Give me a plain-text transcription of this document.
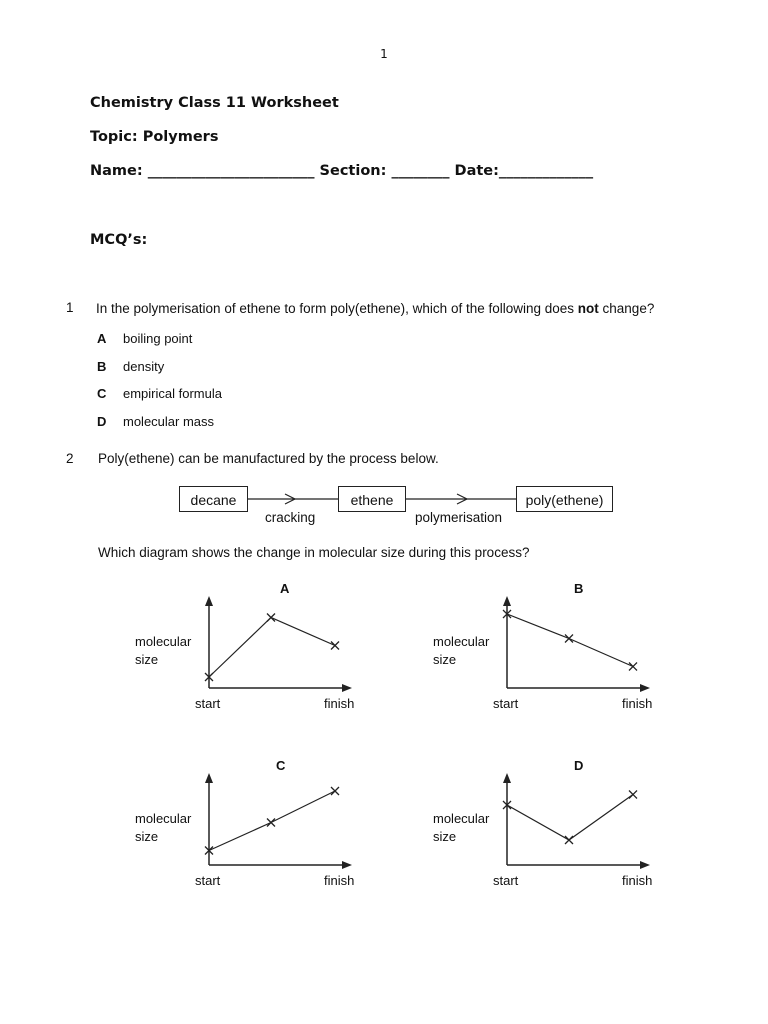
1
Chemistry Class 11 Worksheet
Topic: Polymers
Name: _______________________ Section: ________ Date:_____________
MCQ’s:
1 In the polymerisation of ethene to form poly(ethene), which of the following does not change?
A boiling point
B density
C empirical formula
D molecular mass
2 Poly(ethene) can be manufactured by the process below.
decane	ethene	poly(ethene)
cracking	polymerisation
Which diagram shows the change in molecular size during this process?
A
molecular
size
start	finish
B
molecular
size
start	finish
C
molecular
size
start	finish
D
molecular
size
start	finish
